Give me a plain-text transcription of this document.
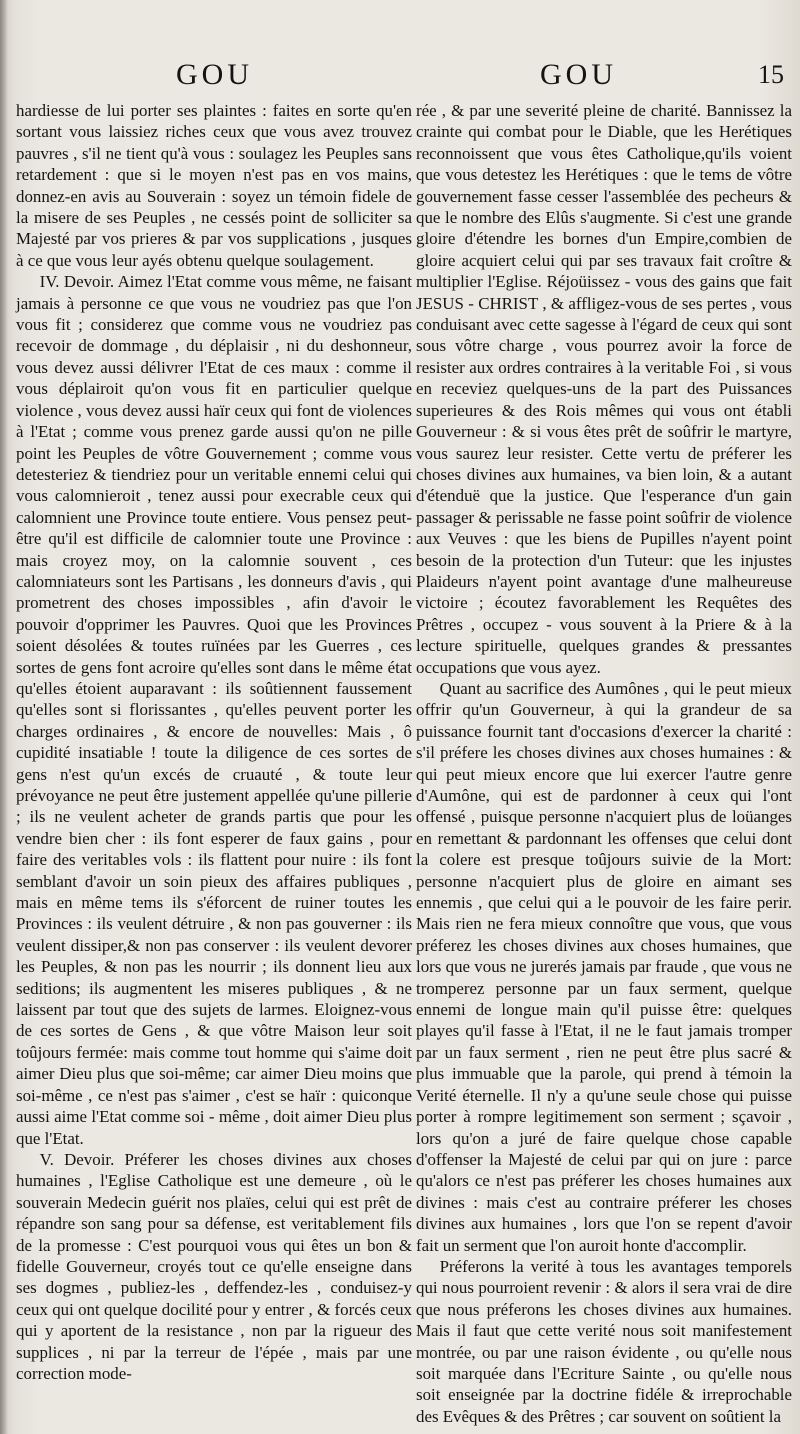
GOU	GOU	15

hardiesse de lui porter ses plaintes : faites en sorte qu'en sortant vous laissiez riches ceux que vous avez trouvez pauvres , s'il ne tient qu'à vous : soulagez les Peuples sans retardement : que si le moyen n'est pas en vos mains, donnez-en avis au Souverain : soyez un témoin fidele de la misere de ses Peuples , ne cessés point de solliciter sa Majesté par vos prieres & par vos supplications , jusques à ce que vous leur ayés obtenu quelque soulagement.

IV. Devoir. Aimez l'Etat comme vous même, ne faisant jamais à personne ce que vous ne voudriez pas que l'on vous fit ; considerez que comme vous ne voudriez pas recevoir de dommage , du déplaisir , ni du deshonneur, vous devez aussi délivrer l'Etat de ces maux : comme il vous déplairoit qu'on vous fit en particulier quelque violence , vous devez aussi haïr ceux qui font de violences à l'Etat ; comme vous prenez garde aussi qu'on ne pille point les Peuples de vôtre Gouvernement ; comme vous detesteriez & tiendriez pour un veritable ennemi celui qui vous calomnieroit , tenez aussi pour execrable ceux qui calomnient une Province toute entiere. Vous pensez peut-être qu'il est difficile de calomnier toute une Province : mais croyez moy, on la calomnie souvent , ces calomniateurs sont les Partisans , les donneurs d'avis , qui prometrent des choses impossibles , afin d'avoir le pouvoir d'opprimer les Pauvres. Quoi que les Provinces soient désolées & toutes ruïnées par les Guerres , ces sortes de gens font acroire qu'elles sont dans le même état qu'elles étoient auparavant : ils soûtiennent faussement qu'elles sont si florissantes , qu'elles peuvent porter les charges ordinaires , & encore de nouvelles: Mais , ô cupidité insatiable ! toute la diligence de ces sortes de gens n'est qu'un excés de cruauté , & toute leur prévoyance ne peut être justement appellée qu'une pillerie ; ils ne veulent acheter de grands partis que pour les vendre bien cher : ils font esperer de faux gains , pour faire des veritables vols : ils flattent pour nuire : ils font semblant d'avoir un soin pieux des affaires publiques , mais en même tems ils s'éforcent de ruiner toutes les Provinces : ils veulent détruire , & non pas gouverner : ils veulent dissiper,& non pas conserver : ils veulent devorer les Peuples, & non pas les nourrir ; ils donnent lieu aux seditions; ils augmentent les miseres publiques , & ne laissent par tout que des sujets de larmes. Eloignez-vous de ces sortes de Gens , & que vôtre Maison leur soit toûjours fermée: mais comme tout homme qui s'aime doit aimer Dieu plus que soi-même; car aimer Dieu moins que soi-même , ce n'est pas s'aimer , c'est se haïr : quiconque aussi aime l'Etat comme soi - même , doit aimer Dieu plus que l'Etat.

V. Devoir. Préferer les choses divines aux choses humaines , l'Eglise Catholique est une demeure , où le souverain Medecin guérit nos plaïes, celui qui est prêt de répandre son sang pour sa défense, est veritablement fils de la promesse : C'est pourquoi vous qui êtes un bon & fidelle Gouverneur, croyés tout ce qu'elle enseigne dans ses dogmes , publiez-les , deffendez-les , conduisez-y ceux qui ont quelque docilité pour y entrer , & forcés ceux qui y aportent de la resistance , non par la rigueur des supplices , ni par la terreur de l'épée , mais par une correction mode-

rée , & par une severité pleine de charité. Bannissez la crainte qui combat pour le Diable, que les Herétiques reconnoissent que vous êtes Catholique,qu'ils voient que vous detestez les Herétiques : que le tems de vôtre gouvernement fasse cesser l'assemblée des pecheurs & que le nombre des Elûs s'augmente. Si c'est une grande gloire d'étendre les bornes d'un Empire,combien de gloire acquiert celui qui par ses travaux fait croître & multiplier l'Eglise. Réjoüissez - vous des gains que fait JESUS - CHRIST , & affligez-vous de ses pertes , vous conduisant avec cette sagesse à l'égard de ceux qui sont sous vôtre charge , vous pourrez avoir la force de resister aux ordres contraires à la veritable Foi , si vous en receviez quelques-uns de la part des Puissances superieures & des Rois mêmes qui vous ont établi Gouverneur : & si vous êtes prêt de soûfrir le martyre, vous saurez leur resister. Cette vertu de préferer les choses divines aux humaines, va bien loin, & a autant d'étenduë que la justice. Que l'esperance d'un gain passager & perissable ne fasse point soûfrir de violence aux Veuves : que les biens de Pupilles n'ayent point besoin de la protection d'un Tuteur: que les injustes Plaideurs n'ayent point avantage d'une malheureuse victoire ; écoutez favorablement les Requêtes des Prêtres , occupez - vous souvent à la Priere & à la lecture spirituelle, quelques grandes & pressantes occupations que vous ayez.

Quant au sacrifice des Aumônes , qui le peut mieux offrir qu'un Gouverneur, à qui la grandeur de sa puissance fournit tant d'occasions d'exercer la charité : s'il préfere les choses divines aux choses humaines : & qui peut mieux encore que lui exercer l'autre genre d'Aumône, qui est de pardonner à ceux qui l'ont offensé , puisque personne n'acquiert plus de loüanges en remettant & pardonnant les offenses que celui dont la colere est presque toûjours suivie de la Mort: personne n'acquiert plus de gloire en aimant ses ennemis , que celui qui a le pouvoir de les faire perir. Mais rien ne fera mieux connoître que vous, que vous préferez les choses divines aux choses humaines, que lors que vous ne jurerés jamais par fraude , que vous ne tromperez personne par un faux serment, quelque ennemi de longue main qu'il puisse être: quelques playes qu'il fasse à l'Etat, il ne le faut jamais tromper par un faux serment , rien ne peut être plus sacré & plus immuable que la parole, qui prend à témoin la Verité éternelle. Il n'y a qu'une seule chose qui puisse porter à rompre legitimement son serment ; sçavoir , lors qu'on a juré de faire quelque chose capable d'offenser la Majesté de celui par qui on jure : parce qu'alors ce n'est pas préferer les choses humaines aux divines : mais c'est au contraire préferer les choses divines aux humaines , lors que l'on se repent d'avoir fait un serment que l'on auroit honte d'accomplir.

Préferons la verité à tous les avantages temporels qui nous pourroient revenir : & alors il sera vrai de dire que nous préferons les choses divines aux humaines. Mais il faut que cette verité nous soit manifestement montrée, ou par une raison évidente , ou qu'elle nous soit marquée dans l'Ecriture Sainte , ou qu'elle nous soit enseignée par la doctrine fidéle & irreprochable des Evêques & des Prêtres ; car souvent on soûtient la
